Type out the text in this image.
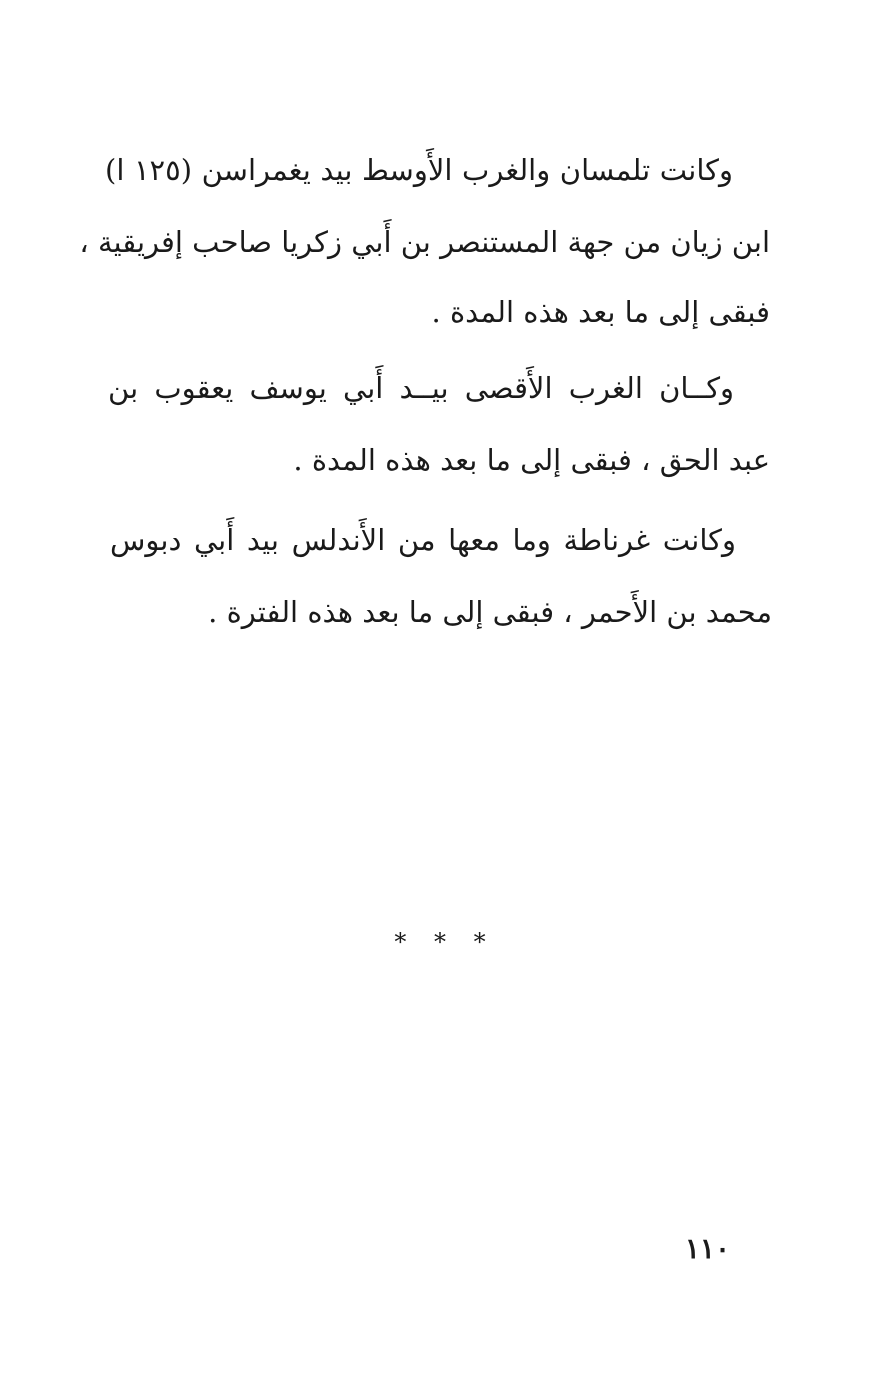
وكانت تلمسان والغرب الأَوسط بيد يغمراسن (١٢٥ ا)
ابن زيان من جهة المستنصر بن أَبي زكريا صاحب إفريقية ،
فبقى إلى ما بعد هذه المدة .
وكــان الغرب الأَقصى بيــد أَبي يوسف يعقوب بن
عبد الحق ، فبقى إلى ما بعد هذه المدة .
وكانت غرناطة وما معها من الأَندلس بيد أَبي دبوس
محمد بن الأَحمر ، فبقى إلى ما بعد هذه الفترة .
* * *
١١٠
